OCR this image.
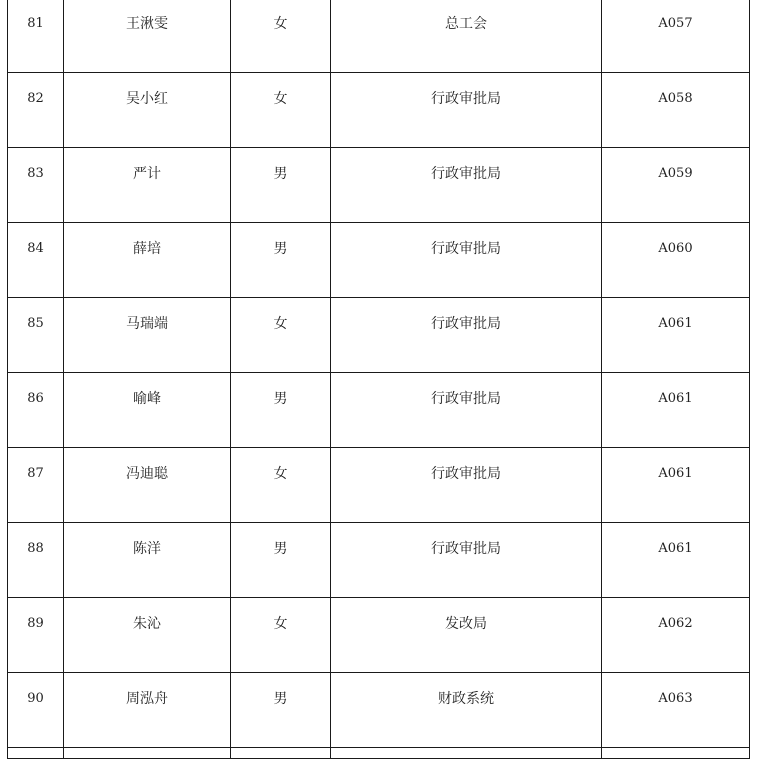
81	王湫雯	女	总工会	A057

82	吴小红	女	行政审批局	A058

83	严计	男	行政审批局	A059

84	薛培	男	行政审批局	A060

85	马瑞端	女	行政审批局	A061

86	喻峰	男	行政审批局	A061

87	冯迪聪	女	行政审批局	A061

88	陈洋	男	行政审批局	A061

89	朱沁	女	发改局	A062

90	周泓舟	男	财政系统	A063
